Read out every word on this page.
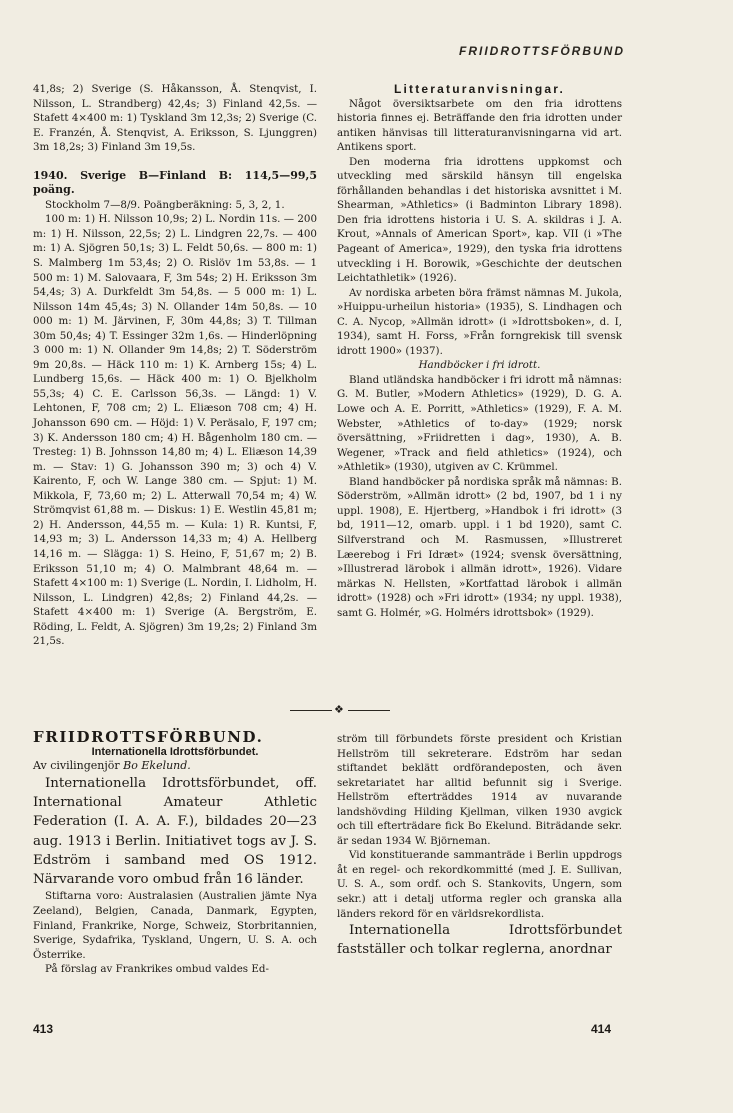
FRIIDROTTSFÖRBUND

41,8s; 2) Sverige (S. Håkansson, Å. Stenqvist, I. Nilsson, L. Strandberg) 42,4s; 3) Finland 42,5s. — Stafett 4×400 m: 1) Tyskland 3m 12,3s; 2) Sverige (C. E. Franzén, Å. Stenqvist, A. Eriksson, S. Ljunggren) 3m 18,2s; 3) Finland 3m 19,5s.

1940. Sverige B—Finland B: 114,5—99,5 poäng.

Stockholm 7—8/9. Poängberäkning: 5, 3, 2, 1.

100 m: 1) H. Nilsson 10,9s; 2) L. Nordin 11s. — 200 m: 1) H. Nilsson, 22,5s; 2) L. Lindgren 22,7s. — 400 m: 1) A. Sjögren 50,1s; 3) L. Feldt 50,6s. — 800 m: 1) S. Malmberg 1m 53,4s; 2) O. Rislöv 1m 53,8s. — 1 500 m: 1) M. Salovaara, F, 3m 54s; 2) H. Eriksson 3m 54,4s; 3) A. Durkfeldt 3m 54,8s. — 5 000 m: 1) L. Nilsson 14m 45,4s; 3) N. Ollander 14m 50,8s. — 10 000 m: 1) M. Järvinen, F, 30m 44,8s; 3) T. Tillman 30m 50,4s; 4) T. Essinger 32m 1,6s. — Hinderlöpning 3 000 m: 1) N. Ollander 9m 14,8s; 2) T. Söderström 9m 20,8s. — Häck 110 m: 1) K. Arnberg 15s; 4) L. Lundberg 15,6s. — Häck 400 m: 1) O. Bjelkholm 55,3s; 4) C. E. Carlsson 56,3s. — Längd: 1) V. Lehtonen, F, 708 cm; 2) L. Eliæson 708 cm; 4) H. Johansson 690 cm. — Höjd: 1) V. Peräsalo, F, 197 cm; 3) K. Andersson 180 cm; 4) H. Bågenholm 180 cm. — Tresteg: 1) B. Johnsson 14,80 m; 4) L. Eliæson 14,39 m. — Stav: 1) G. Johansson 390 m; 3) och 4) V. Kairento, F, och W. Lange 380 cm. — Spjut: 1) M. Mikkola, F, 73,60 m; 2) L. Atterwall 70,54 m; 4) W. Strömqvist 61,88 m. — Diskus: 1) E. Westlin 45,81 m; 2) H. Andersson, 44,55 m. — Kula: 1) R. Kuntsi, F, 14,93 m; 3) L. Andersson 14,33 m; 4) A. Hellberg 14,16 m. — Slägga: 1) S. Heino, F, 51,67 m; 2) B. Eriksson 51,10 m; 4) O. Malmbrant 48,64 m. — Stafett 4×100 m: 1) Sverige (L. Nordin, I. Lidholm, H. Nilsson, L. Lindgren) 42,8s; 2) Finland 44,2s. — Stafett 4×400 m: 1) Sverige (A. Bergström, E. Röding, L. Feldt, A. Sjögren) 3m 19,2s; 2) Finland 3m 21,5s.

Litteraturanvisningar.

Något översiktsarbete om den fria idrottens historia finnes ej. Beträffande den fria idrotten under antiken hänvisas till litteraturanvisningarna vid art. Antikens sport.

Den moderna fria idrottens uppkomst och utveckling med särskild hänsyn till engelska förhållanden behandlas i det historiska avsnittet i M. Shearman, »Athletics» (i Badminton Library 1898). Den fria idrottens historia i U. S. A. skildras i J. A. Krout, »Annals of American Sport», kap. VII (i »The Pageant of America», 1929), den tyska fria idrottens utveckling i H. Borowik, »Geschichte der deutschen Leichtathletik» (1926).

Av nordiska arbeten böra främst nämnas M. Jukola, »Huippu-urheilun historia» (1935), S. Lindhagen och C. A. Nycop, »Allmän idrott» (i »Idrottsboken», d. I, 1934), samt H. Forss, »Från forngrekisk till svensk idrott 1900» (1937).

Handböcker i fri idrott.

Bland utländska handböcker i fri idrott må nämnas: G. M. Butler, »Modern Athletics» (1929), D. G. A. Lowe och A. E. Porritt, »Athletics» (1929), F. A. M. Webster, »Athletics of to-day» (1929; norsk översättning, »Friidretten i dag», 1930), A. B. Wegener, »Track and field athletics» (1924), och »Athletik» (1930), utgiven av C. Krümmel.

Bland handböcker på nordiska språk må nämnas: B. Söderström, »Allmän idrott» (2 bd, 1907, bd 1 i ny uppl. 1908), E. Hjertberg, »Handbok i fri idrott» (3 bd, 1911—12, omarb. uppl. i 1 bd 1920), samt C. Silfverstrand och M. Rasmussen, »Illustreret Læerebog i Fri Idræt» (1924; svensk översättning, »Illustrerad lärobok i allmän idrott», 1926). Vidare märkas N. Hellsten, »Kortfattad lärobok i allmän idrott» (1928) och »Fri idrott» (1934; ny uppl. 1938), samt G. Holmér, »G. Holmérs idrottsbok» (1929).

❖

FRIIDROTTSFÖRBUND.

Internationella Idrottsförbundet.

Av civilingenjör Bo Ekelund.

Internationella Idrottsförbundet, off. International Amateur Athletic Federation (I. A. A. F.), bildades 20—23 aug. 1913 i Berlin. Initiativet togs av J. S. Edström i samband med OS 1912. Närvarande voro ombud från 16 länder.

Stiftarna voro: Australasien (Australien jämte Nya Zeeland), Belgien, Canada, Danmark, Egypten, Finland, Frankrike, Norge, Schweiz, Storbritannien, Sverige, Sydafrika, Tyskland, Ungern, U. S. A. och Österrike.

På förslag av Frankrikes ombud valdes Ed-

ström till förbundets förste president och Kristian Hellström till sekreterare. Edström har sedan stiftandet beklätt ordförandeposten, och även sekretariatet har alltid befunnit sig i Sverige. Hellström efterträddes 1914 av nuvarande landshövding Hilding Kjellman, vilken 1930 avgick och till efterträdare fick Bo Ekelund. Biträdande sekr. är sedan 1934 W. Björneman.

Vid konstituerande sammanträde i Berlin uppdrogs åt en regel- och rekordkommitté (med J. E. Sullivan, U. S. A., som ordf. och S. Stankovits, Ungern, som sekr.) att i detalj utforma regler och granska alla länders rekord för en världsrekordlista.

Internationella Idrottsförbundet fastställer och tolkar reglerna, anordnar

413	414
